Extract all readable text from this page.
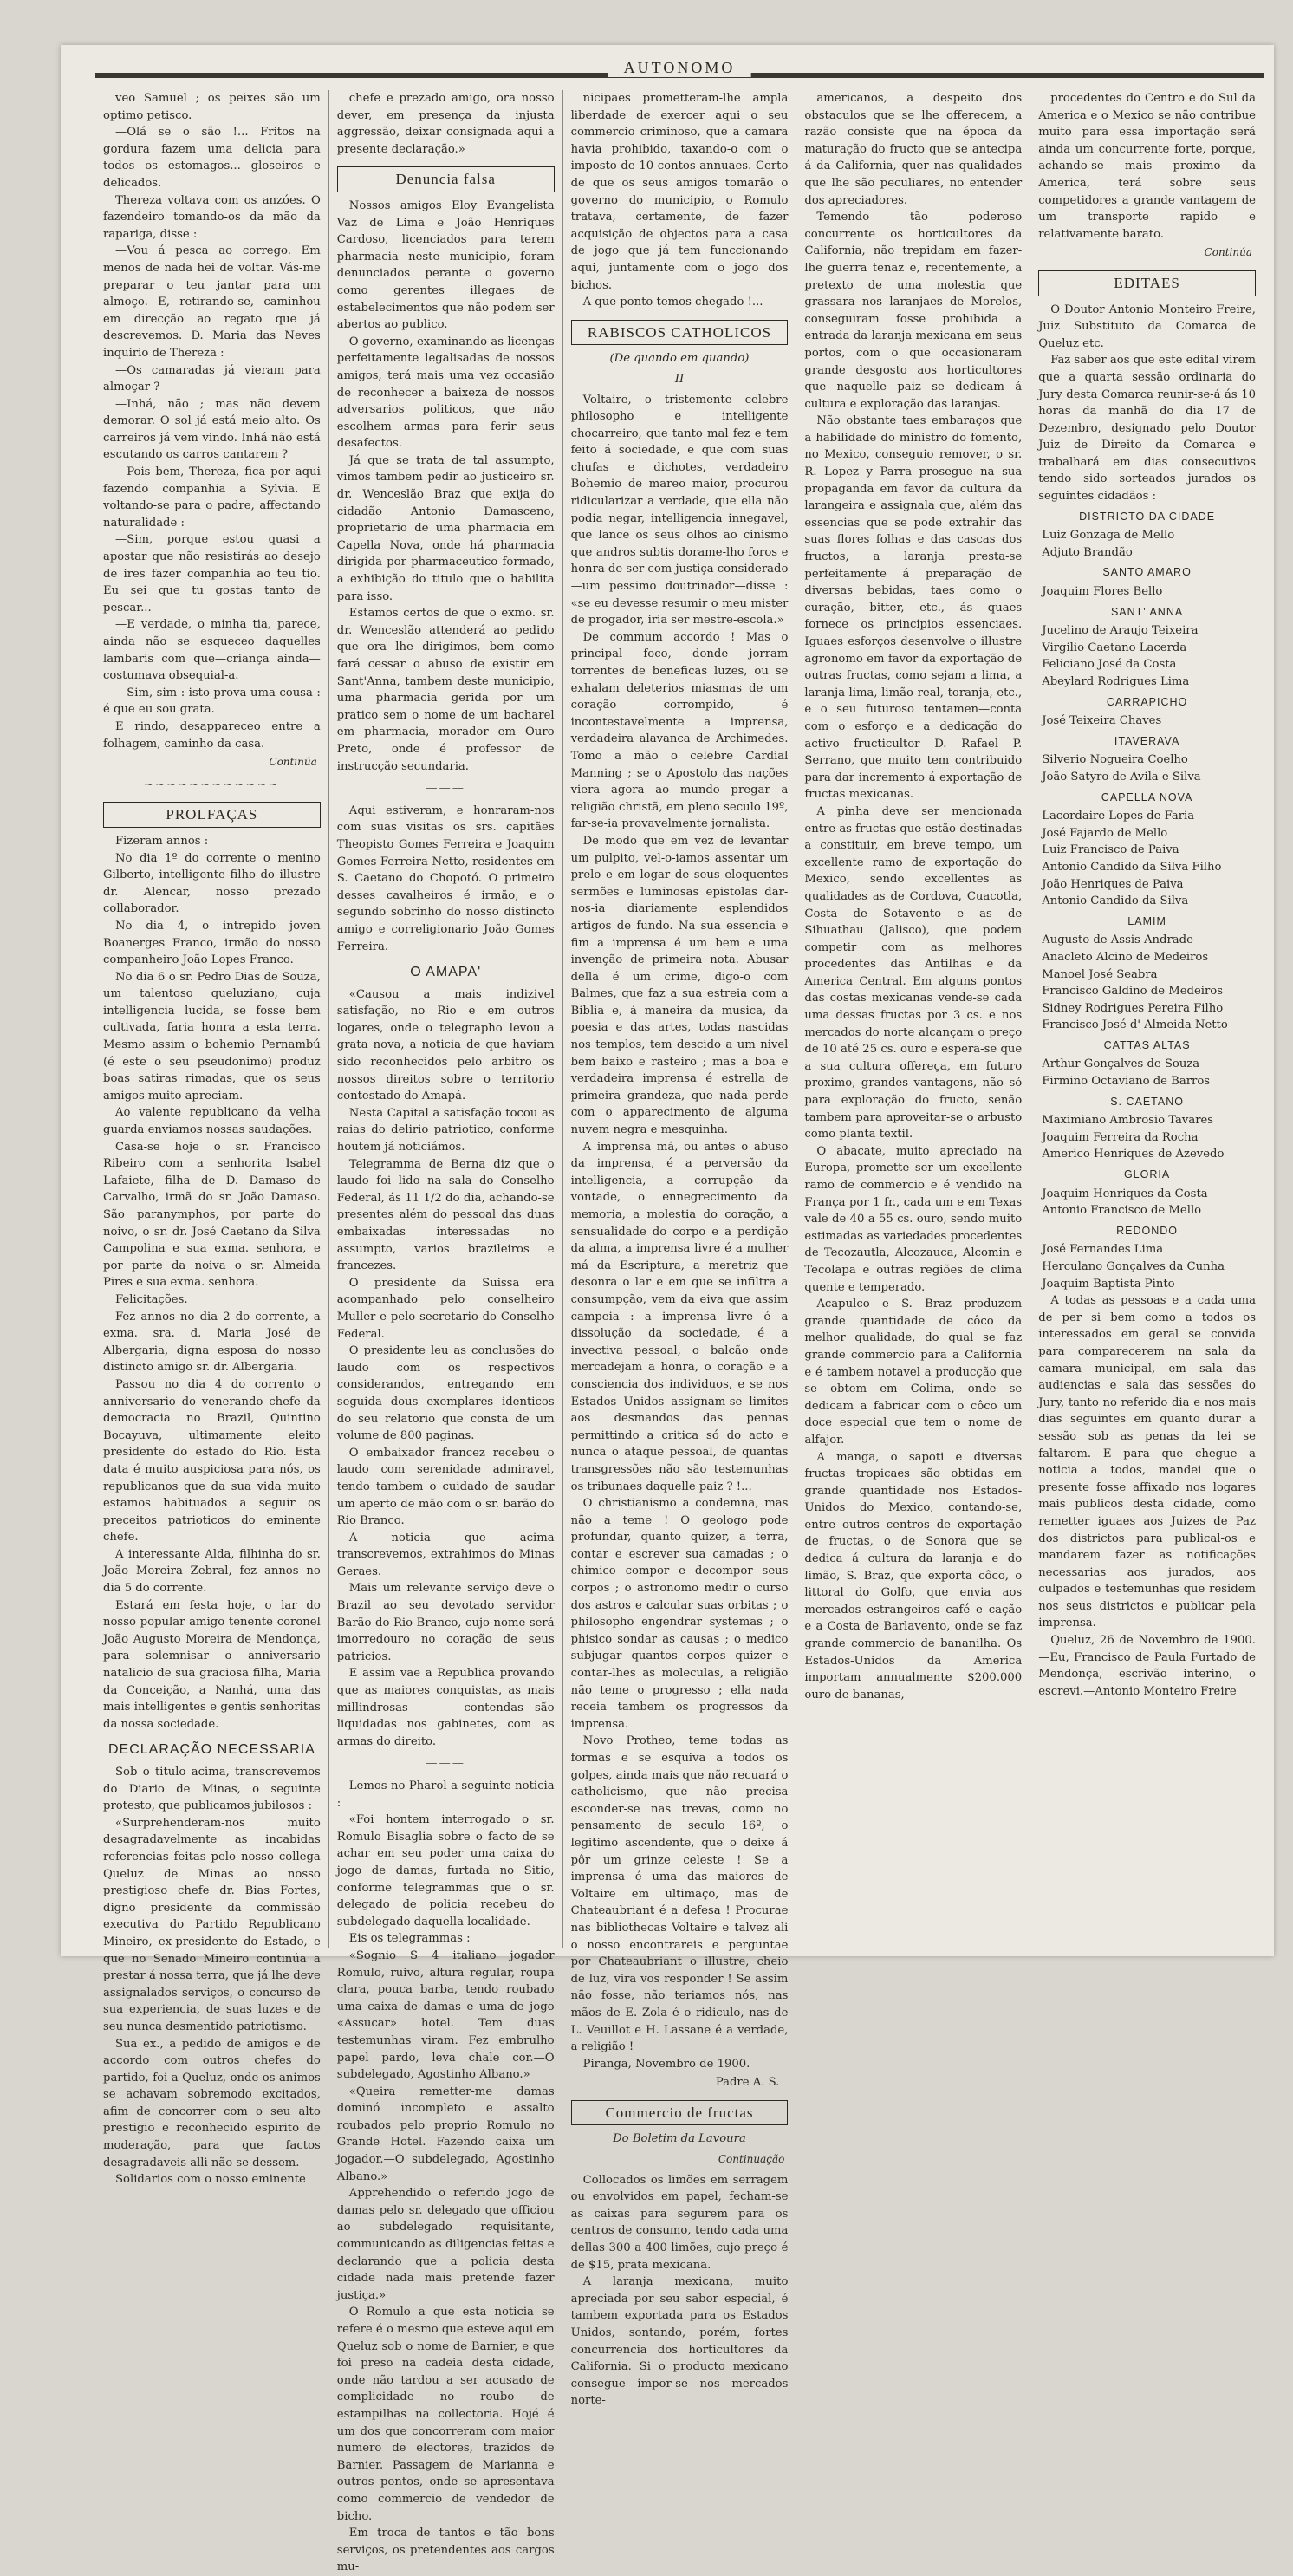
AUTONOMO

veo Samuel ; os peixes são um optimo petisco.

—Olá se o são !... Fritos na gordura fazem uma delicia para todos os estomagos... gloseiros e delicados.

Thereza voltava com os anzóes. O fazendeiro tomando-os da mão da rapariga, disse :

—Vou á pesca ao corrego. Em menos de nada hei de voltar. Vás-me preparar o teu jantar para um almoço. E, retirando-se, caminhou em direcção ao regato que já descrevemos. D. Maria das Neves inquirio de Thereza :

—Os camaradas já vieram para almoçar ?

—Inhá, não ; mas não devem demorar. O sol já está meio alto. Os carreiros já vem vindo. Inhá não está escutando os carros cantarem ?

—Pois bem, Thereza, fica por aqui fazendo companhia a Sylvia. E voltando-se para o padre, affectando naturalidade :

—Sim, porque estou quasi a apostar que não resistirás ao desejo de ires fazer companhia ao teu tio. Eu sei que tu gostas tanto de pescar...

—E verdade, o minha tia, parece, ainda não se esqueceo daquelles lambaris com que—criança ainda—costumava obsequial-a.

—Sim, sim : isto prova uma cousa : é que eu sou grata.

E rindo, desappareceo entre a folhagem, caminho da casa.

Continúa
~~~~~~~~~~~~
PROLFAÇAS

Fizeram annos :

No dia 1º do corrente o menino Gilberto, intelligente filho do illustre dr. Alencar, nosso prezado collaborador.

No dia 4, o intrepido joven Boanerges Franco, irmão do nosso companheiro João Lopes Franco.

No dia 6 o sr. Pedro Dias de Souza, um talentoso queluziano, cuja intelligencia lucida, se fosse bem cultivada, faria honra a esta terra. Mesmo assim o bohemio Pernambú (é este o seu pseudonimo) produz boas satiras rimadas, que os seus amigos muito apreciam.

Ao valente republicano da velha guarda enviamos nossas saudações.

Casa-se hoje o sr. Francisco Ribeiro com a senhorita Isabel Lafaiete, filha de D. Damaso de Carvalho, irmã do sr. João Damaso. São paranymphos, por parte do noivo, o sr. dr. José Caetano da Silva Campolina e sua exma. senhora, e por parte da noiva o sr. Almeida Pires e sua exma. senhora.

Felicitações.

Fez annos no dia 2 do corrente, a exma. sra. d. Maria José de Albergaria, digna esposa do nosso distincto amigo sr. dr. Albergaria.

Passou no dia 4 do corrento o anniversario do venerando chefe da democracia no Brazil, Quintino Bocayuva, ultimamente eleito presidente do estado do Rio. Esta data é muito auspiciosa para nós, os republicanos que da sua vida muito estamos habituados a seguir os preceitos patrioticos do eminente chefe.

A interessante Alda, filhinha do sr. João Moreira Zebral, fez annos no dia 5 do corrente.

Estará em festa hoje, o lar do nosso popular amigo tenente coronel João Augusto Moreira de Mendonça, para solemnisar o anniversario natalicio de sua graciosa filha, Maria da Conceição, a Nanhá, uma das mais intelligentes e gentis senhoritas da nossa sociedade.

DECLARAÇÃO NECESSARIA

Sob o titulo acima, transcrevemos do Diario de Minas, o seguinte protesto, que publicamos jubilosos :

«Surprehenderam-nos muito desagradavelmente as incabidas referencias feitas pelo nosso collega Queluz de Minas ao nosso prestigioso chefe dr. Bias Fortes, digno presidente da commissão executiva do Partido Republicano Mineiro, ex-presidente do Estado, e que no Senado Mineiro continúa a prestar á nossa terra, que já lhe deve assignalados serviços, o concurso de sua experiencia, de suas luzes e de seu nunca desmentido patriotismo.

Sua ex., a pedido de amigos e de accordo com outros chefes do partido, foi a Queluz, onde os animos se achavam sobremodo excitados, afim de concorrer com o seu alto prestigio e reconhecido espirito de moderação, para que factos desagradaveis alli não se dessem.

Solidarios com o nosso eminente

chefe e prezado amigo, ora nosso dever, em presença da injusta aggressão, deixar consignada aqui a presente declaração.»

Denuncia falsa

Nossos amigos Eloy Evangelista Vaz de Lima e João Henriques Cardoso, licenciados para terem pharmacia neste municipio, foram denunciados perante o governo como gerentes illegaes de estabelecimentos que não podem ser abertos ao publico.

O governo, examinando as licenças perfeitamente legalisadas de nossos amigos, terá mais uma vez occasião de reconhecer a baixeza de nossos adversarios politicos, que não escolhem armas para ferir seus desafectos.

Já que se trata de tal assumpto, vimos tambem pedir ao justiceiro sr. dr. Wenceslão Braz que exija do cidadão Antonio Damasceno, proprietario de uma pharmacia em Capella Nova, onde há pharmacia dirigida por pharmaceutico formado, a exhibição do titulo que o habilita para isso.

Estamos certos de que o exmo. sr. dr. Wenceslão attenderá ao pedido que ora lhe dirigimos, bem como fará cessar o abuso de existir em Sant'Anna, tambem deste municipio, uma pharmacia gerida por um pratico sem o nome de um bacharel em pharmacia, morador em Ouro Preto, onde é professor de instrucção secundaria.

———

Aqui estiveram, e honraram-nos com suas visitas os srs. capitães Theopisto Gomes Ferreira e Joaquim Gomes Ferreira Netto, residentes em S. Caetano do Chopotó. O primeiro desses cavalheiros é irmão, e o segundo sobrinho do nosso distincto amigo e correligionario João Gomes Ferreira.

O AMAPA'

«Causou a mais indizivel satisfação, no Rio e em outros logares, onde o telegrapho levou a grata nova, a noticia de que haviam sido reconhecidos pelo arbitro os nossos direitos sobre o territorio contestado do Amapá.

Nesta Capital a satisfação tocou as raias do delirio patriotico, conforme houtem já noticiámos.

Telegramma de Berna diz que o laudo foi lido na sala do Conselho Federal, ás 11 1/2 do dia, achando-se presentes além do pessoal das duas embaixadas interessadas no assumpto, varios brazileiros e francezes.

O presidente da Suissa era acompanhado pelo conselheiro Muller e pelo secretario do Conselho Federal.

O presidente leu as conclusões do laudo com os respectivos considerandos, entregando em seguida dous exemplares identicos do seu relatorio que consta de um volume de 800 paginas.

O embaixador francez recebeu o laudo com serenidade admiravel, tendo tambem o cuidado de saudar um aperto de mão com o sr. barão do Rio Branco.

A noticia que acima transcrevemos, extrahimos do Minas Geraes.

Mais um relevante serviço deve o Brazil ao seu devotado servidor Barão do Rio Branco, cujo nome será imorredouro no coração de seus patricios.

E assim vae a Republica provando que as maiores conquistas, as mais millindrosas contendas—são liquidadas nos gabinetes, com as armas do direito.

———

Lemos no Pharol a seguinte noticia :

«Foi hontem interrogado o sr. Romulo Bisaglia sobre o facto de se achar em seu poder uma caixa do jogo de damas, furtada no Sitio, conforme telegrammas que o sr. delegado de policia recebeu do subdelegado daquella localidade.

Eis os telegrammas :

«Sognio S 4 italiano jogador Romulo, ruivo, altura regular, roupa clara, pouca barba, tendo roubado uma caixa de damas e uma de jogo «Assucar» hotel. Tem duas testemunhas viram. Fez embrulho papel pardo, leva chale cor.—O subdelegado, Agostinho Albano.»

«Queira remetter-me damas dominó incompleto e assalto roubados pelo proprio Romulo no Grande Hotel. Fazendo caixa um jogador.—O subdelegado, Agostinho Albano.»

Apprehendido o referido jogo de damas pelo sr. delegado que officiou ao subdelegado requisitante, communicando as diligencias feitas e declarando que a policia desta cidade nada mais pretende fazer justiça.»

O Romulo a que esta noticia se refere é o mesmo que esteve aqui em Queluz sob o nome de Barnier, e que foi preso na cadeia desta cidade, onde não tardou a ser acusado de complicidade no roubo de estampilhas na collectoria. Hojé é um dos que concorreram com maior numero de electores, trazidos de Barnier. Passagem de Marianna e outros pontos, onde se apresentava como commercio de vendedor de bicho.

Em troca de tantos e tão bons serviços, os pretendentes aos cargos mu-

nicipaes prometteram-lhe ampla liberdade de exercer aqui o seu commercio criminoso, que a camara havia prohibido, taxando-o com o imposto de 10 contos annuaes. Certo de que os seus amigos tomarão o governo do municipio, o Romulo tratava, certamente, de fazer acquisição de objectos para a casa de jogo que já tem funccionando aqui, juntamente com o jogo dos bichos.

A que ponto temos chegado !...

RABISCOS CATHOLICOS
(De quando em quando)
II

Voltaire, o tristemente celebre philosopho e intelligente chocarreiro, que tanto mal fez e tem feito á sociedade, e que com suas chufas e dichotes, verdadeiro Bohemio de mareo maior, procurou ridicularizar a verdade, que ella não podia negar, intelligencia innegavel, que lance os seus olhos ao cinismo que andros subtis dorame-lho foros e honra de ser com justiça considerado—um pessimo doutrinador—disse : «se eu devesse resumir o meu mister de progador, iria ser mestre-escola.»

De commum accordo ! Mas o principal foco, donde jorram torrentes de beneficas luzes, ou se exhalam deleterios miasmas de um coração corrompido, é incontestavelmente a imprensa, verdadeira alavanca de Archimedes. Tomo a mão o celebre Cardial Manning ; se o Apostolo das nações viera agora ao mundo pregar a religião christã, em pleno seculo 19º, far-se-ia provavelmente jornalista.

De modo que em vez de levantar um pulpito, vel-o-iamos assentar um prelo e em logar de seus eloquentes sermões e luminosas epistolas dar-nos-ia diariamente esplendidos artigos de fundo. Na sua essencia e fim a imprensa é um bem e uma invenção de primeira nota. Abusar della é um crime, digo-o com Balmes, que faz a sua estreia com a Biblia e, á maneira da musica, da poesia e das artes, todas nascidas nos templos, tem descido a um nivel bem baixo e rasteiro ; mas a boa e verdadeira imprensa é estrella de primeira grandeza, que nada perde com o apparecimento de alguma nuvem negra e mesquinha.

A imprensa má, ou antes o abuso da imprensa, é a perversão da intelligencia, a corrupção da vontade, o ennegrecimento da memoria, a molestia do coração, a sensualidade do corpo e a perdição da alma, a imprensa livre é a mulher má da Escriptura, a meretriz que desonra o lar e em que se infiltra a consumpção, vem da eiva que assim campeia : a imprensa livre é a dissolução da sociedade, é a invectiva pessoal, o balcão onde mercadejam a honra, o coração e a consciencia dos individuos, e se nos Estados Unidos assignam-se limites aos desmandos das pennas permittindo a critica só do acto e nunca o ataque pessoal, de quantas transgressões não são testemunhas os tribunaes daquelle paiz ? !...

O christianismo a condemna, mas não a teme ! O geologo pode profundar, quanto quizer, a terra, contar e escrever sua camadas ; o chimico compor e decompor seus corpos ; o astronomo medir o curso dos astros e calcular suas orbitas ; o philosopho engendrar systemas ; o phisico sondar as causas ; o medico subjugar quantos corpos quizer e contar-lhes as moleculas, a religião não teme o progresso ; ella nada receia tambem os progressos da imprensa.

Novo Protheo, teme todas as formas e se esquiva a todos os golpes, ainda mais que não recuará o catholicismo, que não precisa esconder-se nas trevas, como no pensamento de seculo 16º, o legitimo ascendente, que o deixe á pôr um grinze celeste ! Se a imprensa é uma das maiores de Voltaire em ultimaço, mas de Chateaubriant é a defesa ! Procurae nas bibliothecas Voltaire e talvez ali o nosso encontrareis e perguntae por Chateaubriant o illustre, cheio de luz, vira vos responder ! Se assim não fosse, não teriamos nós, nas mãos de E. Zola é o ridiculo, nas de L. Veuillot e H. Lassane é a verdade, a religião !

Piranga, Novembro de 1900.

Padre A. S.
Commercio de fructas
Do Boletim da Lavoura
Continuação

Collocados os limões em serragem ou envolvidos em papel, fecham-se as caixas para segurem para os centros de consumo, tendo cada uma dellas 300 a 400 limões, cujo preço é de $15, prata mexicana.

A laranja mexicana, muito apreciada por seu sabor especial, é tambem exportada para os Estados Unidos, sontando, porém, fortes concurrencia dos horticultores da California. Si o producto mexicano consegue impor-se nos mercados norte-

americanos, a despeito dos obstaculos que se lhe offerecem, a razão consiste que na época da maturação do fructo que se antecipa á da California, quer nas qualidades que lhe são peculiares, no entender dos apreciadores.

Temendo tão poderoso concurrente os horticultores da California, não trepidam em fazer-lhe guerra tenaz e, recentemente, a pretexto de uma molestia que grassara nos laranjaes de Morelos, conseguiram fosse prohibida a entrada da laranja mexicana em seus portos, com o que occasionaram grande desgosto aos horticultores que naquelle paiz se dedicam á cultura e exploração das laranjas.

Não obstante taes embaraços que a habilidade do ministro do fomento, no Mexico, conseguio remover, o sr. R. Lopez y Parra prosegue na sua propaganda em favor da cultura da larangeira e assignala que, além das essencias que se pode extrahir das suas flores folhas e das cascas dos fructos, a laranja presta-se perfeitamente á preparação de diversas bebidas, taes como o curação, bitter, etc., ás quaes fornece os principios essenciaes. Iguaes esforços desenvolve o illustre agronomo em favor da exportação de outras fructas, como sejam a lima, a laranja-lima, limão real, toranja, etc., e o seu futuroso tentamen—conta com o esforço e a dedicação do activo fructicultor D. Rafael P. Serrano, que muito tem contribuido para dar incremento á exportação de fructas mexicanas.

A pinha deve ser mencionada entre as fructas que estão destinadas a constituir, em breve tempo, um excellente ramo de exportação do Mexico, sendo excellentes as qualidades as de Cordova, Cuacotla, Costa de Sotavento e as de Sihuathau (Jalisco), que podem competir com as melhores procedentes das Antilhas e da America Central. Em alguns pontos das costas mexicanas vende-se cada uma dessas fructas por 3 cs. e nos mercados do norte alcançam o preço de 10 até 25 cs. ouro e espera-se que a sua cultura offereça, em futuro proximo, grandes vantagens, não só para exploração do fructo, senão tambem para aproveitar-se o arbusto como planta textil.

O abacate, muito apreciado na Europa, promette ser um excellente ramo de commercio e é vendido na França por 1 fr., cada um e em Texas vale de 40 a 55 cs. ouro, sendo muito estimadas as variedades procedentes de Tecozautla, Alcozauca, Alcomin e Tecolapa e outras regiões de clima quente e temperado.

Acapulco e S. Braz produzem grande quantidade de côco da melhor qualidade, do qual se faz grande commercio para a California e é tambem notavel a producção que se obtem em Colima, onde se dedicam a fabricar com o côco um doce especial que tem o nome de alfajor.

A manga, o sapoti e diversas fructas tropicaes são obtidas em grande quantidade nos Estados-Unidos do Mexico, contando-se, entre outros centros de exportação de fructas, o de Sonora que se dedica á cultura da laranja e do limão, S. Braz, que exporta côco, o littoral do Golfo, que envia aos mercados estrangeiros café e cação e a Costa de Barlavento, onde se faz grande commercio de bananilha. Os Estados-Unidos da America importam annualmente $200.000 ouro de bananas,

procedentes do Centro e do Sul da America e o Mexico se não contribue muito para essa importação será ainda um concurrente forte, porque, achando-se mais proximo da America, terá sobre seus competidores a grande vantagem de um transporte rapido e relativamente barato.

Continúa
EDITAES

O Doutor Antonio Monteiro Freire, Juiz Substituto da Comarca de Queluz etc.

Faz saber aos que este edital virem que a quarta sessão ordinaria do Jury desta Comarca reunir-se-á ás 10 horas da manhã do dia 17 de Dezembro, designado pelo Doutor Juiz de Direito da Comarca e trabalhará em dias consecutivos tendo sido sorteados jurados os seguintes cidadãos :

DISTRICTO DA CIDADE

Luiz Gonzaga de Mello

Adjuto Brandão

SANTO AMARO

Joaquim Flores Bello

SANT' ANNA

Jucelino de Araujo Teixeira

Virgilio Caetano Lacerda

Feliciano José da Costa

Abeylard Rodrigues Lima

CARRAPICHO

José Teixeira Chaves

ITAVERAVA

Silverio Nogueira Coelho

João Satyro de Avila e Silva

CAPELLA NOVA

Lacordaire Lopes de Faria

José Fajardo de Mello

Luiz Francisco de Paiva

Antonio Candido da Silva Filho

João Henriques de Paiva

Antonio Candido da Silva

LAMIM

Augusto de Assis Andrade

Anacleto Alcino de Medeiros

Manoel José Seabra

Francisco Galdino de Medeiros

Sidney Rodrigues Pereira Filho

Francisco José d' Almeida Netto

CATTAS ALTAS

Arthur Gonçalves de Souza

Firmino Octaviano de Barros

S. CAETANO

Maximiano Ambrosio Tavares

Joaquim Ferreira da Rocha

Americo Henriques de Azevedo

GLORIA

Joaquim Henriques da Costa

Antonio Francisco de Mello

REDONDO

José Fernandes Lima

Herculano Gonçalves da Cunha

Joaquim Baptista Pinto

A todas as pessoas e a cada uma de per si bem como a todos os interessados em geral se convida para comparecerem na sala da camara municipal, em sala das audiencias e sala das sessões do Jury, tanto no referido dia e nos mais dias seguintes em quanto durar a sessão sob as penas da lei se faltarem. E para que chegue a noticia a todos, mandei que o presente fosse affixado nos logares mais publicos desta cidade, como remetter iguaes aos Juizes de Paz dos districtos para publical-os e mandarem fazer as notificações necessarias aos jurados, aos culpados e testemunhas que residem nos seus districtos e publicar pela imprensa.

Queluz, 26 de Novembro de 1900.—Eu, Francisco de Paula Furtado de Mendonça, escrivão interino, o escrevi.—Antonio Monteiro Freire
